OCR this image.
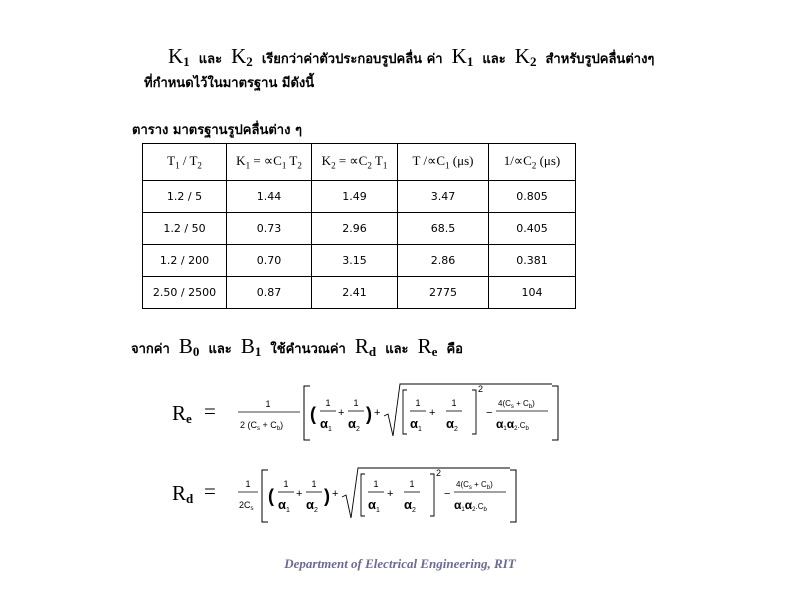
$K_1$ และ $K_2$ เรียกว่าค่าตัวประกอบรูปคลื่น ค่า $K_1$ และ $K_2$ สำหรับรูปคลื่นต่างๆ
ที่กำหนดไว้ในมาตรฐาน มีดังนี้
ตาราง มาตรฐานรูปคลื่นต่าง ๆ
$T_1 / T_2$	$K_1 = \propto C_1$ $T_2$	$K_2 = \propto C_2$ $T_1$	T $/\propto C_1$ (μs)	$1/\propto C_2$ (μs)
1.2 / 5	1.44	1.49	3.47	0.805
1.2 / 50	0.73	2.96	68.5	0.405
1.2 / 200	0.70	3.15	2.86	0.381
2.50 / 2500	0.87	2.41	2775	104
จากค่า $B_0$ และ $B_1$ ใช้คำนวณค่า $R_d$ และ $R_e$ คือ
Re =	1
2 $(C_s + C_b)$
(
1
$\alpha_1$
+
1
$\alpha_2$
) +
1
$\alpha_1$
+
1
$\alpha_2$
2
−
$4(C_s + C_b)$
α1α2.Cb
Rd =	1
$2C_s$
(
1
$\alpha_1$
+
1
$\alpha_2$
) +
1
$\alpha_1$
+
1
$\alpha_2$
2
−
$4(C_s + C_b)$
α1α2.Cb
Department of Electrical Engineering, RIT
